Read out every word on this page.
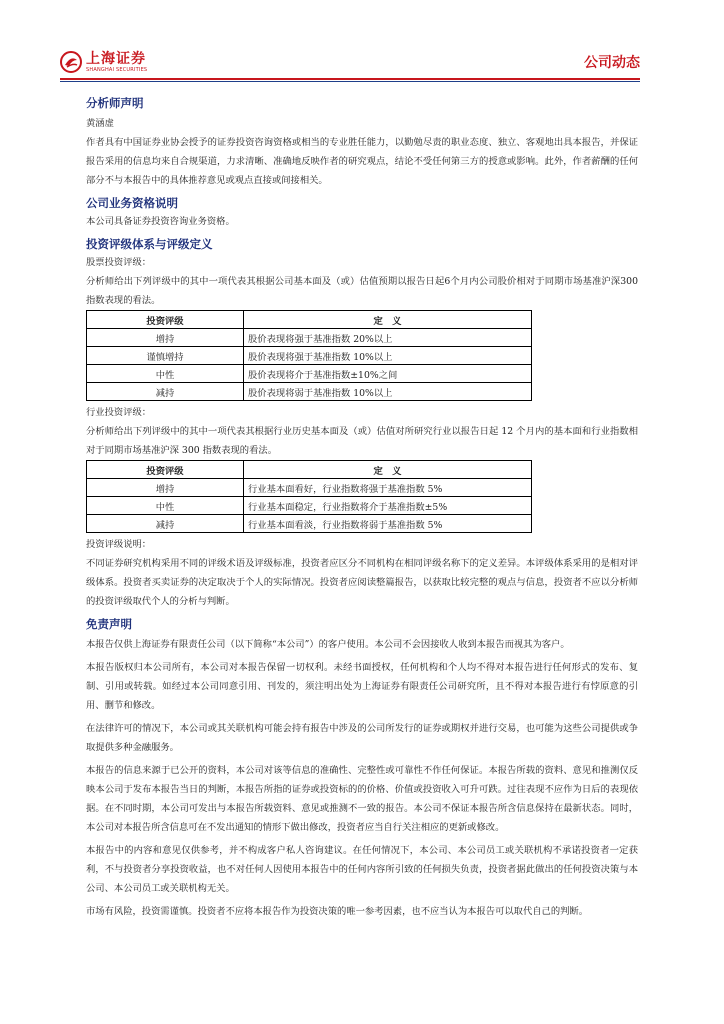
上海证券
SHANGHAI SECURITIES	公司动态
分析师声明
黄涵虚
作者具有中国证券业协会授予的证券投资咨询资格或相当的专业胜任能力，以勤勉尽责的职业态度、独立、客观地出具本报告，并保证报告采用的信息均来自合规渠道，力求清晰、准确地反映作者的研究观点，结论不受任何第三方的授意或影响。此外，作者薪酬的任何部分不与本报告中的具体推荐意见或观点直接或间接相关。
公司业务资格说明
本公司具备证券投资咨询业务资格。
投资评级体系与评级定义
股票投资评级：
分析师给出下列评级中的其中一项代表其根据公司基本面及（或）估值预期以报告日起6个月内公司股价相对于同期市场基准沪深300指数表现的看法。
投资评级	定　义
增持	股价表现将强于基准指数 20%以上
谨慎增持	股价表现将强于基准指数 10%以上
中性	股价表现将介于基准指数±10%之间
减持	股价表现将弱于基准指数 10%以上
行业投资评级：
分析师给出下列评级中的其中一项代表其根据行业历史基本面及（或）估值对所研究行业以报告日起 12 个月内的基本面和行业指数相对于同期市场基准沪深 300 指数表现的看法。
投资评级	定　义
增持	行业基本面看好，行业指数将强于基准指数 5%
中性	行业基本面稳定，行业指数将介于基准指数±5%
减持	行业基本面看淡，行业指数将弱于基准指数 5%
投资评级说明：
不同证券研究机构采用不同的评级术语及评级标准，投资者应区分不同机构在相同评级名称下的定义差异。本评级体系采用的是相对评级体系。投资者买卖证券的决定取决于个人的实际情况。投资者应阅读整篇报告，以获取比较完整的观点与信息，投资者不应以分析师的投资评级取代个人的分析与判断。
免责声明
本报告仅供上海证券有限责任公司（以下简称“本公司”）的客户使用。本公司不会因接收人收到本报告而视其为客户。
本报告版权归本公司所有，本公司对本报告保留一切权利。未经书面授权，任何机构和个人均不得对本报告进行任何形式的发布、复制、引用或转载。如经过本公司同意引用、刊发的，须注明出处为上海证券有限责任公司研究所，且不得对本报告进行有悖原意的引用、删节和修改。
在法律许可的情况下，本公司或其关联机构可能会持有报告中涉及的公司所发行的证券或期权并进行交易，也可能为这些公司提供或争取提供多种金融服务。
本报告的信息来源于已公开的资料，本公司对该等信息的准确性、完整性或可靠性不作任何保证。本报告所载的资料、意见和推测仅反映本公司于发布本报告当日的判断，本报告所指的证券或投资标的的价格、价值或投资收入可升可跌。过往表现不应作为日后的表现依据。在不同时期，本公司可发出与本报告所载资料、意见或推测不一致的报告。本公司不保证本报告所含信息保持在最新状态。同时，本公司对本报告所含信息可在不发出通知的情形下做出修改，投资者应当自行关注相应的更新或修改。
本报告中的内容和意见仅供参考，并不构成客户私人咨询建议。在任何情况下，本公司、本公司员工或关联机构不承诺投资者一定获利，不与投资者分享投资收益，也不对任何人因使用本报告中的任何内容所引致的任何损失负责，投资者据此做出的任何投资决策与本公司、本公司员工或关联机构无关。
市场有风险，投资需谨慎。投资者不应将本报告作为投资决策的唯一参考因素，也不应当认为本报告可以取代自己的判断。
